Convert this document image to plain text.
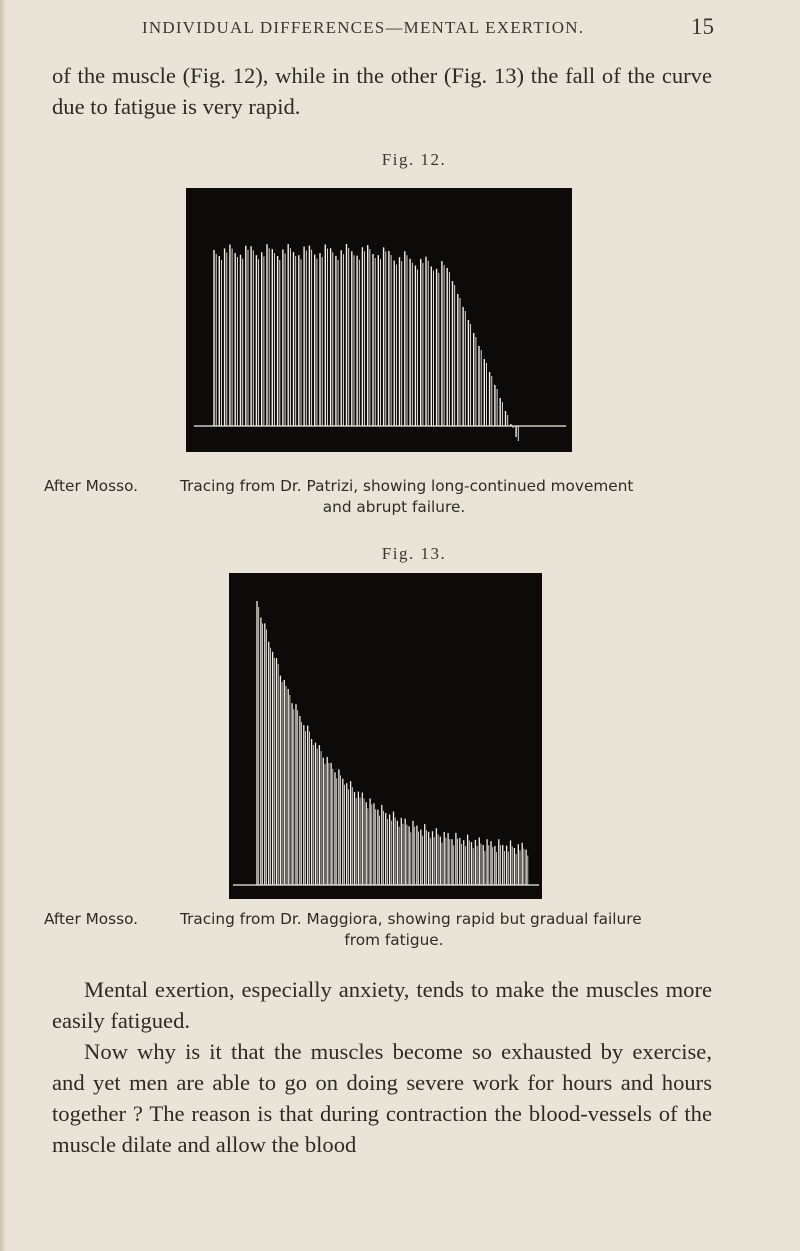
INDIVIDUAL DIFFERENCES—MENTAL EXERTION.	15
of the muscle (Fig. 12), while in the other (Fig. 13) the fall of the curve due to fatigue is very rapid.
Fig. 12.
After Mosso.	Tracing from Dr. Patrizi, showing long-continued movement
and abrupt failure.
Fig. 13.
After Mosso.	Tracing from Dr. Maggiora, showing rapid but gradual failure
from fatigue.
Mental exertion, especially anxiety, tends to make the muscles more easily fatigued.
Now why is it that the muscles become so exhausted by exercise, and yet men are able to go on doing severe work for hours and hours together ? The reason is that during contraction the blood-vessels of the muscle dilate and allow the blood
